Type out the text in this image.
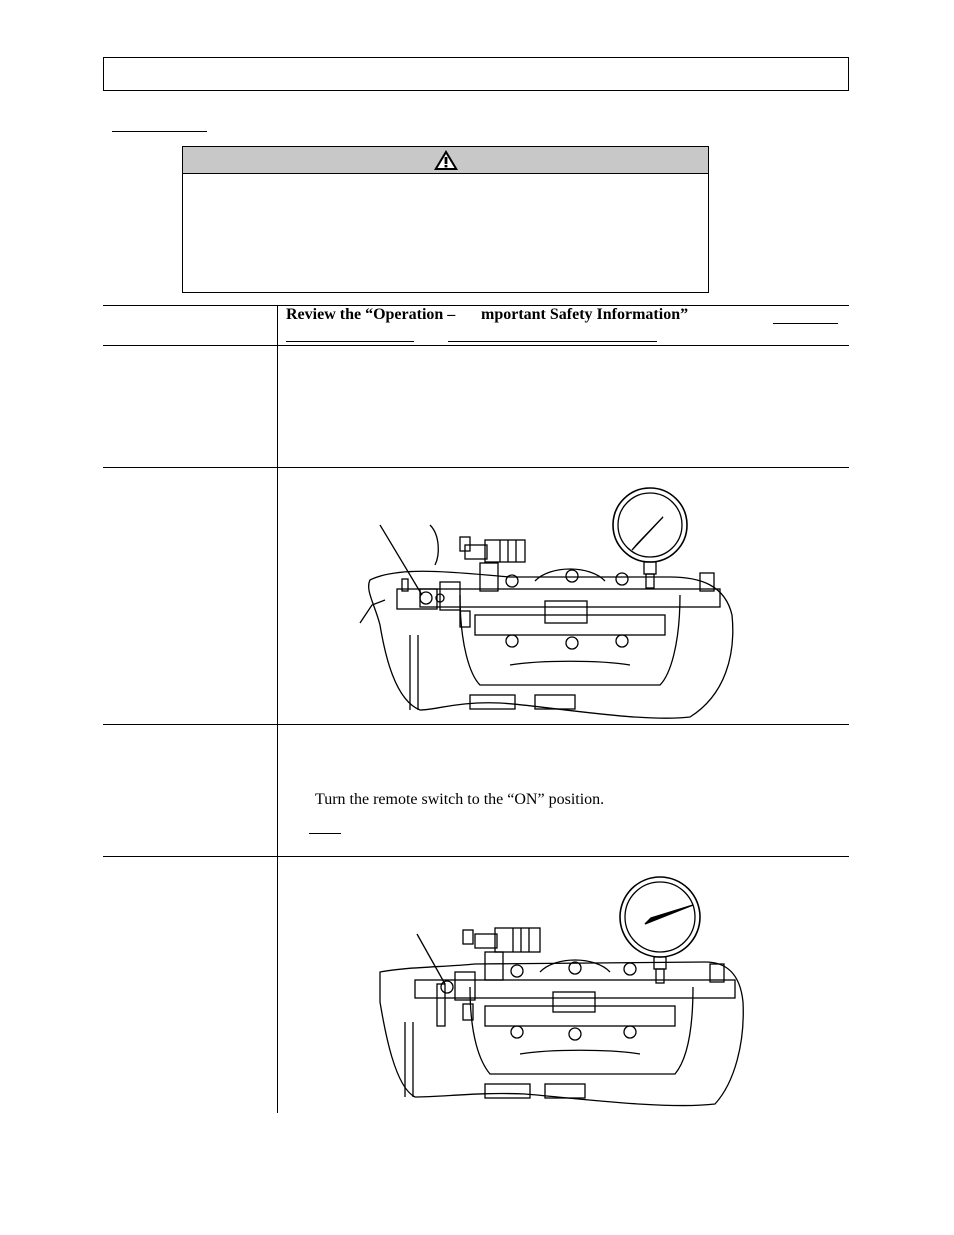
Review the “Operation – mportant Safety Information”
Turn the remote switch to the “ON” position.
